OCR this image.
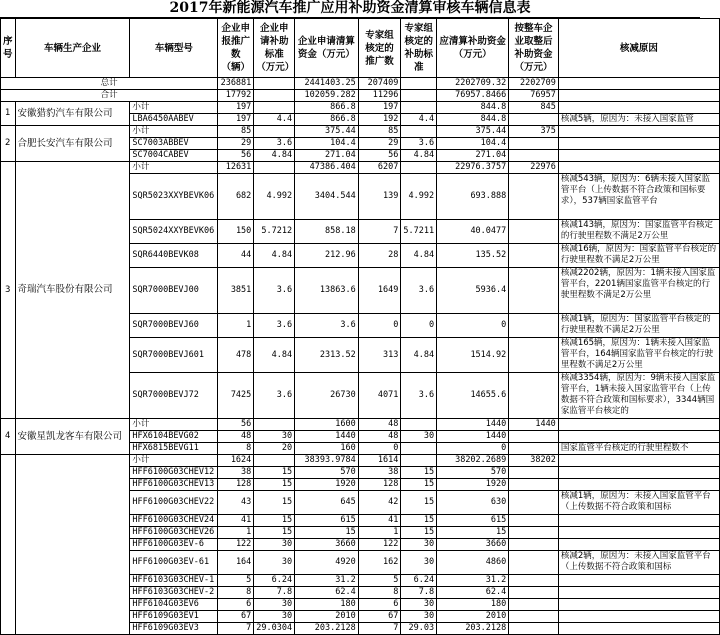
2017年新能源汽车推广应用补助资金清算审核车辆信息表
序号	车辆生产企业	车辆型号	企业申报推广数（辆）	企业申请补助标准（万元）	企业申请清算资金（万元）	专家组核定的推广数	专家组核定的补助标准	应清算补助资金（万元）	按整车企业取整后补助资金（万元）	核减原因
总计			236881		2441403.25	207409		2202709.32	2202709	
合计			17792		102059.282	11296		76957.8466	76957	
1	安徽猎豹汽车有限公司	小计	197		866.8	197		844.8	845	
		LBA6450AABEV	197	4.4	866.8	192	4.4	844.8		核减5辆，原因为：未接入国家监管
2	合肥长安汽车有限公司	小计	85		375.44	85		375.44	375	
		SC7003ABBEV	29	3.6	104.4	29	3.6	104.4		
		SC7004CABEV	56	4.84	271.04	56	4.84	271.04		
3	奇瑞汽车股份有限公司	小计	12631		47386.404	6207		22976.3757	22976	
		SQR5023XXYBEVK06	682	4.992	3404.544	139	4.992	693.888		核减543辆，原因为：6辆未接入国家监管平台（上传数据不符合政策和国标要求），537辆国家监管平台
		SQR5024XXYBEVK06	150	5.7212	858.18	7	5.7211	40.0477		核减143辆，原因为：国家监管平台核定的行驶里程数不满足2万公里
		SQR6440BEVK08	44	4.84	212.96	28	4.84	135.52		核减16辆，原因为：国家监管平台核定的行驶里程数不满足2万公里
		SQR7000BEVJ00	3851	3.6	13863.6	1649	3.6	5936.4		核减2202辆，原因为：1辆未接入国家监管平台，2201辆国家监管平台核定的行驶里程数不满足2万公里
		SQR7000BEVJ60	1	3.6	3.6	0	0	0		核减1辆，原因为：国家监管平台核定的行驶里程数不满足2万公里
		SQR7000BEVJ601	478	4.84	2313.52	313	4.84	1514.92		核减165辆，原因为：1辆未接入国家监管平台，164辆国家监管平台核定的行驶里程数不满足2万公里
		SQR7000BEVJ72	7425	3.6	26730	4071	3.6	14655.6		核减3354辆，原因为：9辆未接入国家监管平台，1辆未接入国家监管平台（上传数据不符合政策和国标要求），3344辆国家监管平台核定的
4	安徽星凯龙客车有限公司	小计	56		1600	48		1440	1440	
		HFX6104BEVG02	48	30	1440	48	30	1440		
		HFX6815BEVG11	8	20	160	0		0		国家监管平台核定的行驶里程数不
		小计	1624		38393.9784	1614		38202.2689	38202	
		HFF6100G03CHEV12	38	15	570	38	15	570		
		HFF6100G03CHEV13	128	15	1920	128	15	1920		
		HFF6100G03CHEV22	43	15	645	42	15	630		核减1辆，原因为：未接入国家监管平台（上传数据不符合政策和国标
		HFF6100G03CHEV24	41	15	615	41	15	615		
		HFF6100G03CHEV26	1	15	15	1	15	15		
		HFF6100G03EV-6	122	30	3660	122	30	3660		
		HFF6100G03EV-61	164	30	4920	162	30	4860		核减2辆，原因为：未接入国家监管平台（上传数据不符合政策和国标
		HFF6103G03CHEV-1	5	6.24	31.2	5	6.24	31.2		
		HFF6103G03CHEV-2	8	7.8	62.4	8	7.8	62.4		
		HFF6104G03EV6	6	30	180	6	30	180		
		HFF6109G03EV1	67	30	2010	67	30	2010		
		HFF6109G03EV3	7	29.0304	203.2128	7	29.03	203.2128		
